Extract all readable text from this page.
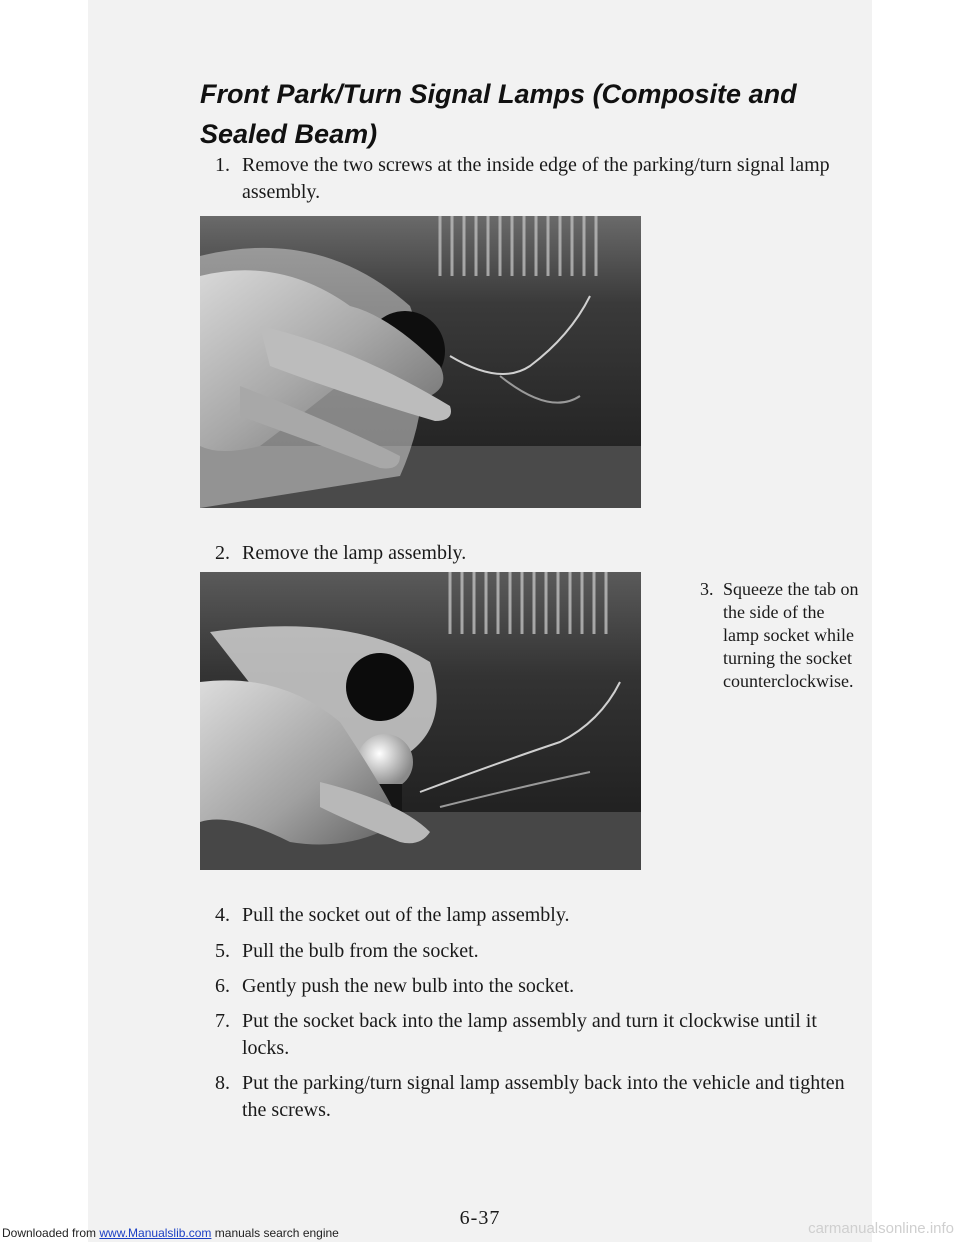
Front Park/Turn Signal Lamps (Composite and Sealed Beam)
1. Remove the two screws at the inside edge of the parking/turn signal lamp assembly.
2. Remove the lamp assembly.
3. Squeeze the tab on the side of the lamp socket while turning the socket counterclockwise.
4. Pull the socket out of the lamp assembly.
5. Pull the bulb from the socket.
6. Gently push the new bulb into the socket.
7. Put the socket back into the lamp assembly and turn it clockwise until it locks.
8. Put the parking/turn signal lamp assembly back into the vehicle and tighten the screws.
6-37
Downloaded from www.Manualslib.com manuals search engine	carmanualsonline.info
